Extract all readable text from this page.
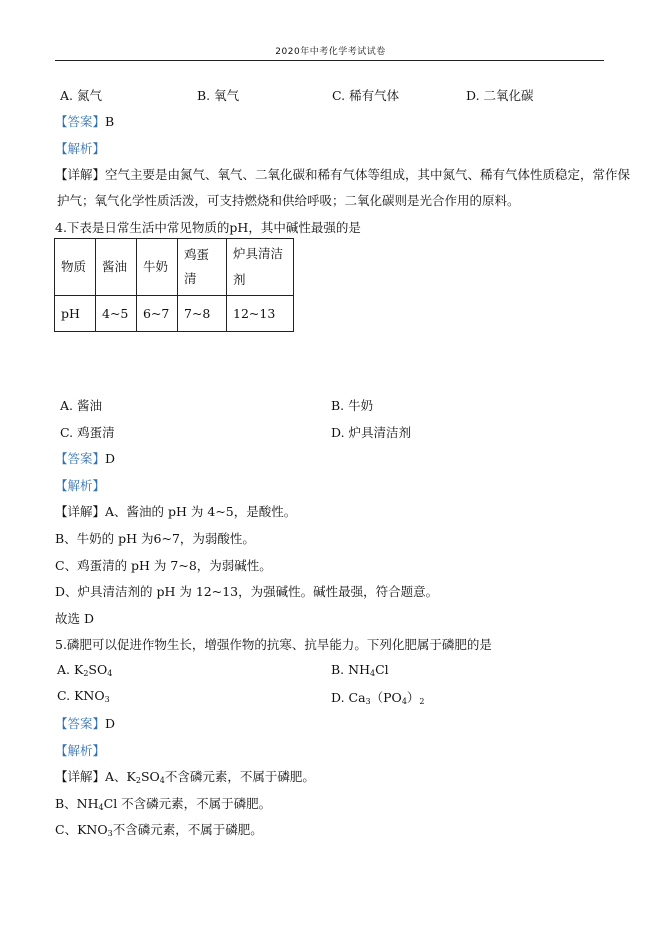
2020年中考化学考试试卷
A. 氮气	B. 氧气	C. 稀有气体	D. 二氧化碳
【答案】B
【解析】
【详解】空气主要是由氮气、氧气、二氧化碳和稀有气体等组成，其中氮气、稀有气体性质稳定，常作保
护气；氧气化学性质活泼，可支持燃烧和供给呼吸；二氧化碳则是光合作用的原料。
4.下表是日常生活中常见物质的pH，其中碱性最强的是
物质	酱油	牛奶	鸡蛋清	炉具清洁剂
pH	4~5	6~7	7~8	12~13
A. 酱油	B. 牛奶
C. 鸡蛋清	D. 炉具清洁剂
【答案】D
【解析】
【详解】A、酱油的 pH 为 4~5，是酸性。
B、牛奶的 pH 为6~7，为弱酸性。
C、鸡蛋清的 pH 为 7~8，为弱碱性。
D、炉具清洁剂的 pH 为 12~13，为强碱性。碱性最强，符合题意。
故选 D
5.磷肥可以促进作物生长，增强作物的抗寒、抗旱能力。下列化肥属于磷肥的是
A. $K_2SO_4$	B. $NH_4Cl$
C. $KNO_3$	D. $Ca_3(PO_4)_2$
【答案】D
【解析】
【详解】A、$K_2SO_4$不含磷元素，不属于磷肥。
B、$NH_4Cl$ 不含磷元素，不属于磷肥。
C、$KNO_3$不含磷元素，不属于磷肥。
